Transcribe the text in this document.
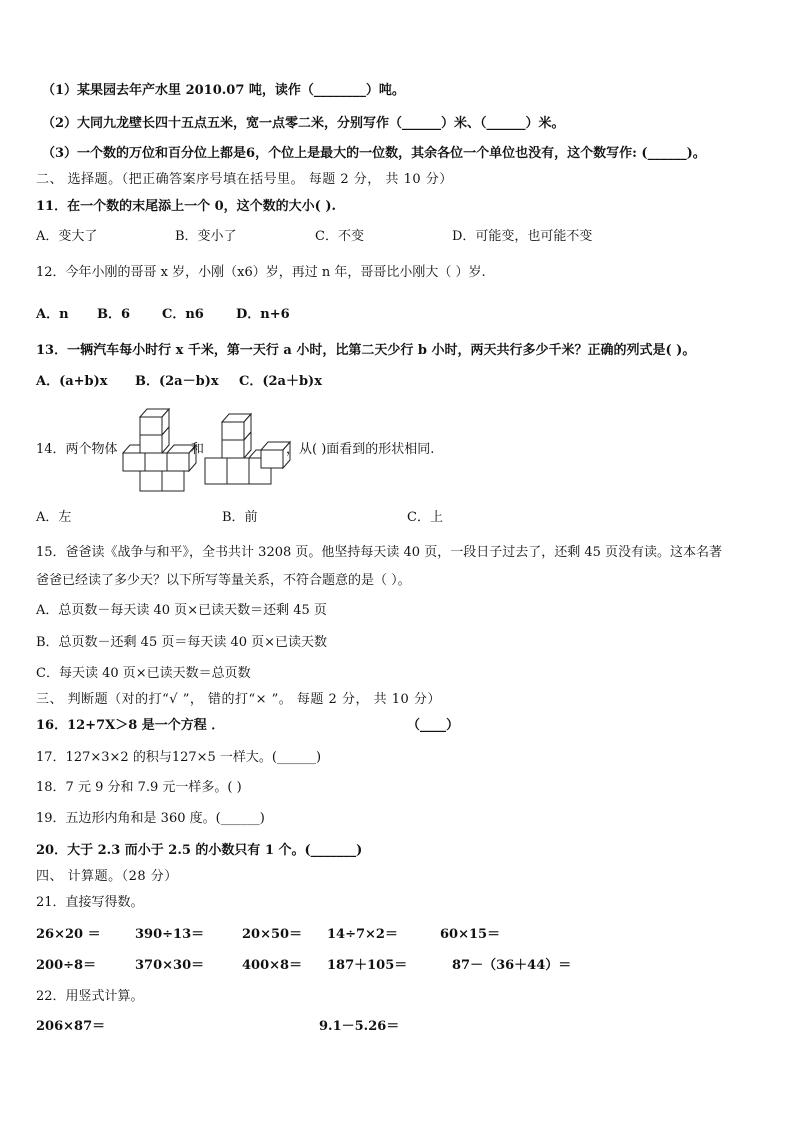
（1）某果园去年产水里 2010.07 吨，读作（________）吨。
（2）大同九龙壁长四十五点五米，宽一点零二米，分别写作（______）米、（______）米。
（3）一个数的万位和百分位上都是6，个位上是最大的一位数，其余各位一个单位也没有，这个数写作: (______)。
二、 选择题。（把正确答案序号填在括号里。 每题 2 分， 共 10 分）
11．在一个数的末尾添上一个 0，这个数的大小( ).
A．变大了	B．变小了	C．不变	D．可能变，也可能不变
12．今年小刚的哥哥 x 岁，小刚（x6）岁，再过 n 年，哥哥比小刚大（ ）岁.
A．n B．6 C．n6 D．n+6
13．一辆汽车每小时行 x 千米，第一天行 a 小时，比第二天少行 b 小时，两天共行多少千米？正确的列式是( )。
A．(a+b)x B．(2a－b)x C．(2a＋b)x
14．两个物体	和	，从( )面看到的形状相同.
A．左	B．前	C．上
15．爸爸读《战争与和平》，全书共计 3208 页。他坚持每天读 40 页，一段日子过去了，还剩 45 页没有读。这本名著
爸爸已经读了多少天？以下所写等量关系，不符合题意的是（ ）。
A．总页数－每天读 40 页×已读天数＝还剩 45 页
B．总页数－还剩 45 页＝每天读 40 页×已读天数
C．每天读 40 页×已读天数＝总页数
三、 判断题（对的打“√ ”， 错的打“× ”。 每题 2 分， 共 10 分）
16．12+7X＞8 是一个方程 ．	（____）
17．127×3×2 的积与127×5 一样大。(______)
18．7 元 9 分和 7.9 元一样多。( )
19．五边形内角和是 360 度。(______)
20．大于 2.3 而小于 2.5 的小数只有 1 个。(_______)
四、 计算题。（28 分）
21．直接写得数。
26×20 ＝	390÷13＝	20×50＝ 14÷7×2＝	60×15＝
200÷8＝	370×30＝	400×8＝ 187＋105＝	87－（36＋44）＝
22．用竖式计算。
206×87＝	9.1－5.26＝
